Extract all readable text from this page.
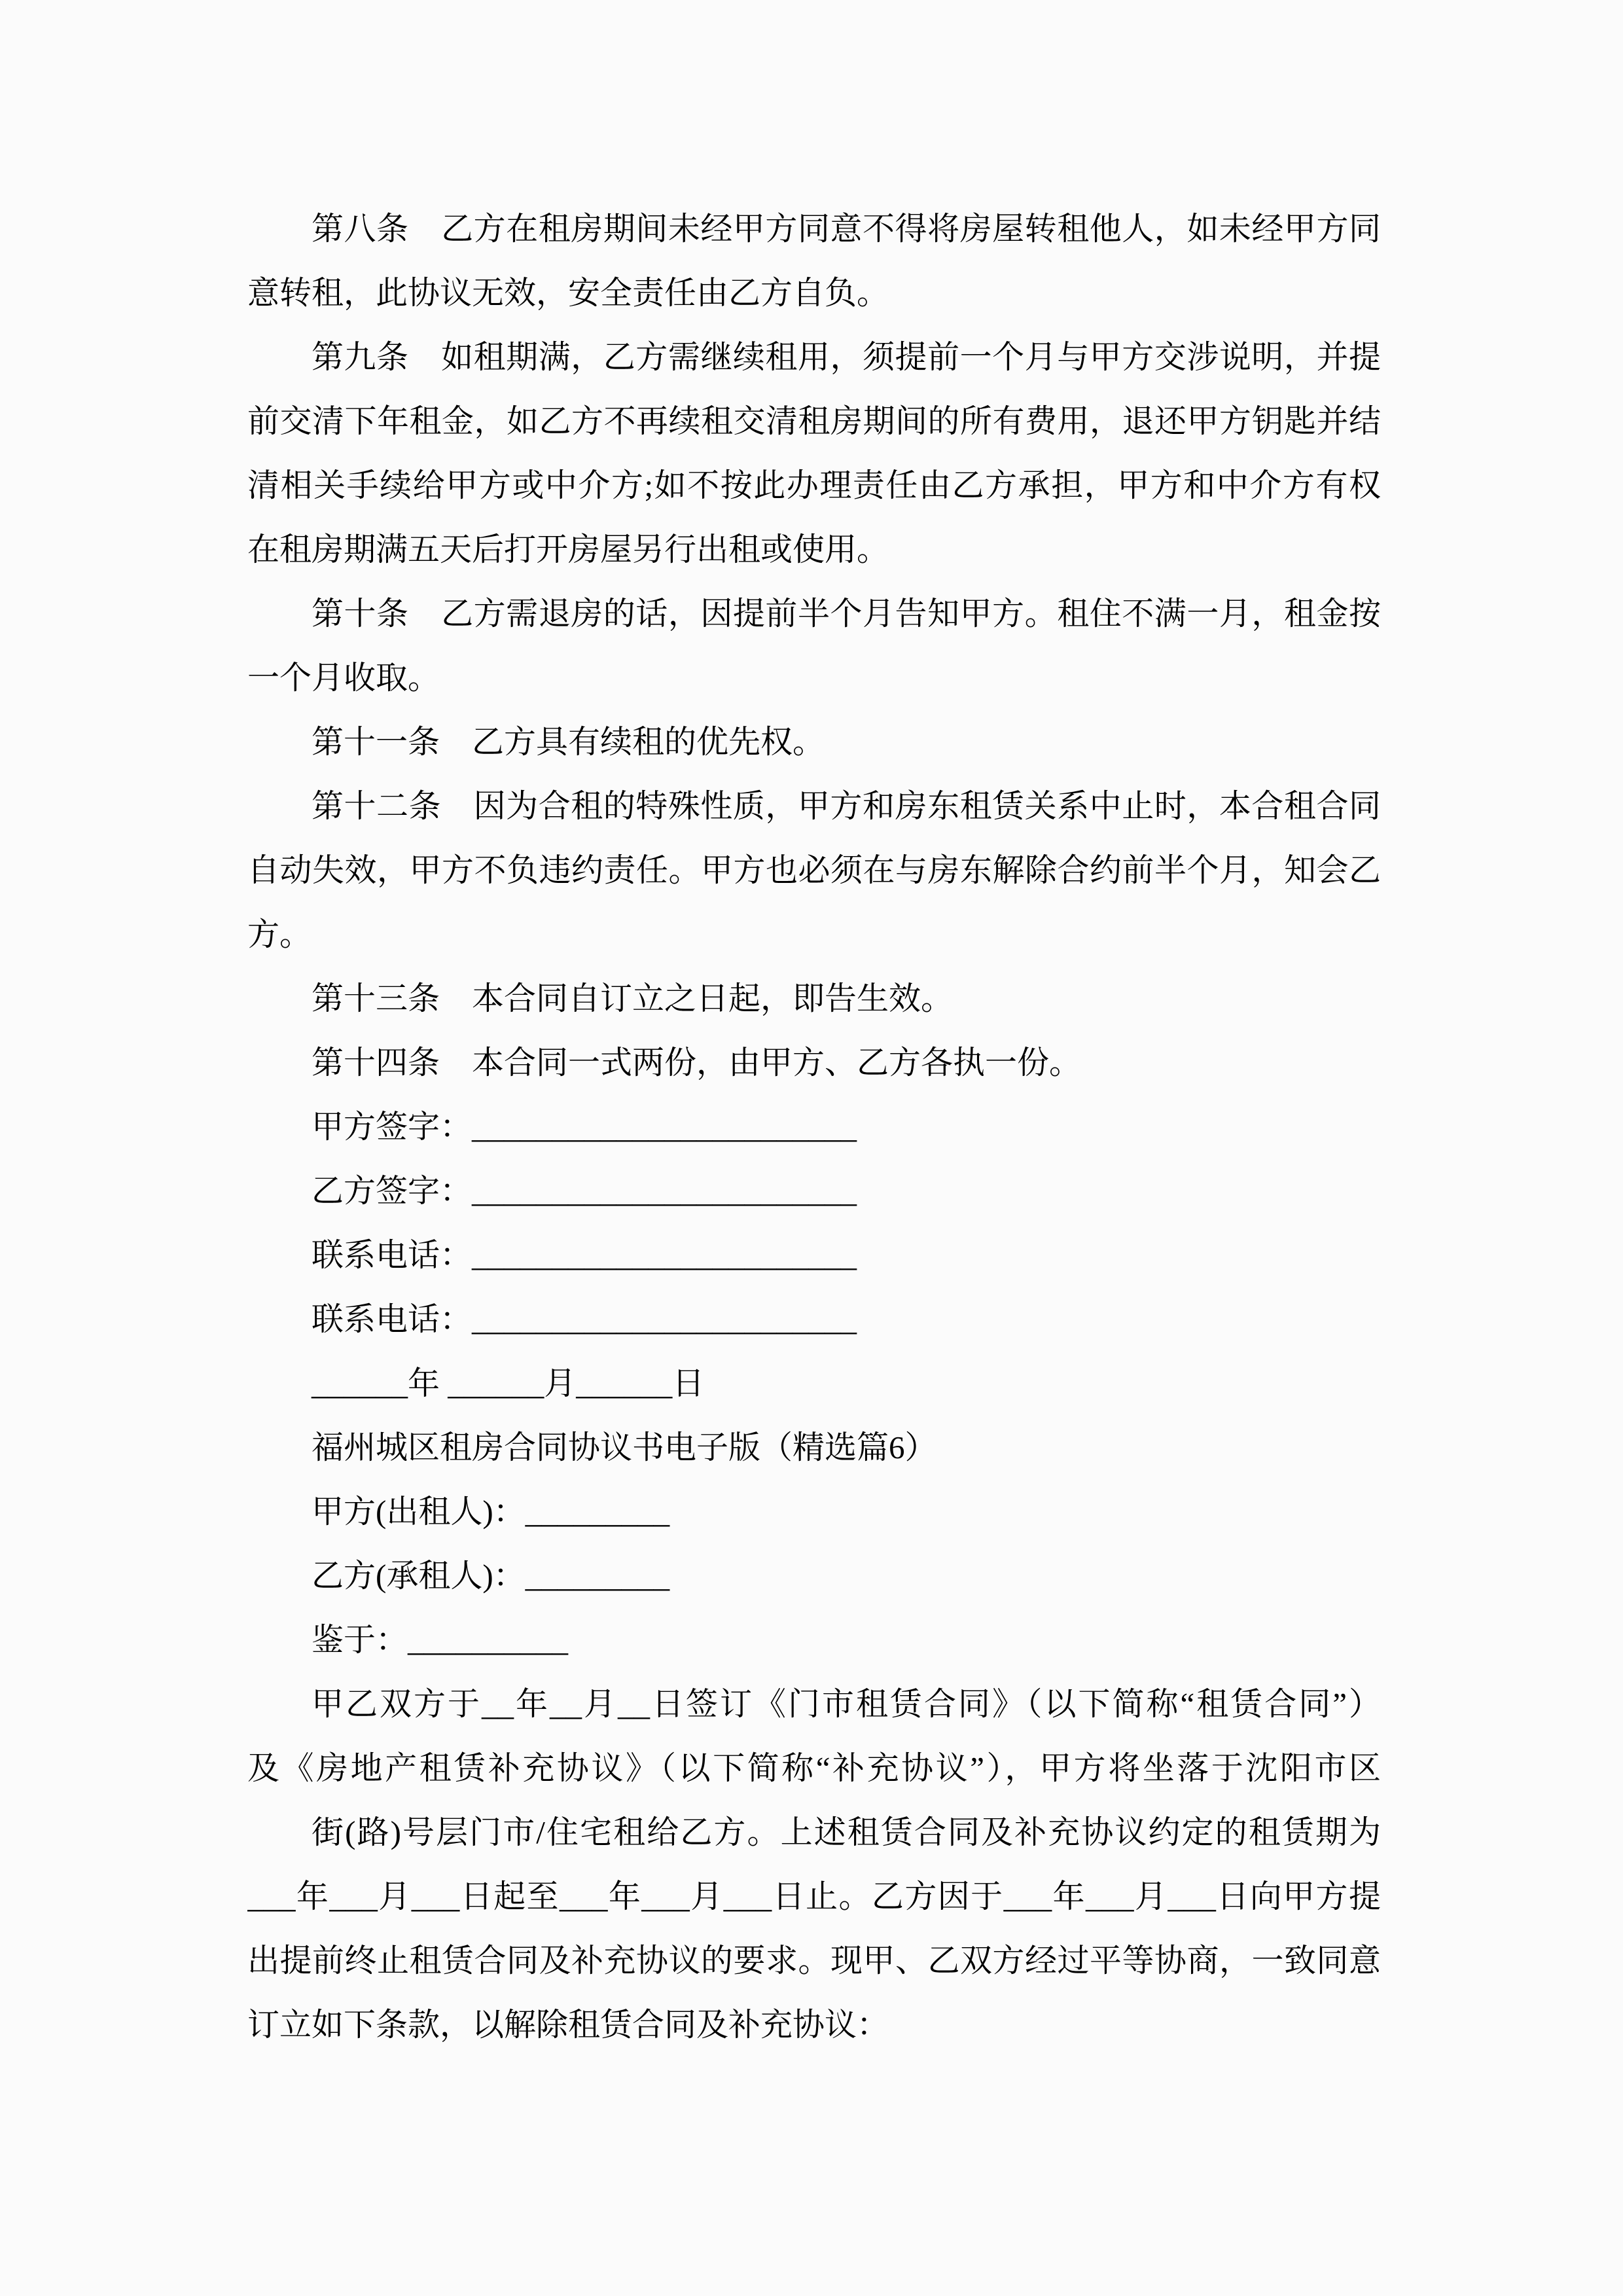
第八条　乙方在租房期间未经甲方同意不得将房屋转租他人，如未经甲方同
意转租，此协议无效，安全责任由乙方自负。
第九条　如租期满，乙方需继续租用，须提前一个月与甲方交涉说明，并提
前交清下年租金，如乙方不再续租交清租房期间的所有费用，退还甲方钥匙并结
清相关手续给甲方或中介方;如不按此办理责任由乙方承担，甲方和中介方有权
在租房期满五天后打开房屋另行出租或使用。
第十条　乙方需退房的话，因提前半个月告知甲方。租住不满一月，租金按
一个月收取。
第十一条　乙方具有续租的优先权。
第十二条　因为合租的特殊性质，甲方和房东租赁关系中止时，本合租合同
自动失效，甲方不负违约责任。甲方也必须在与房东解除合约前半个月，知会乙
方。
第十三条　本合同自订立之日起，即告生效。
第十四条　本合同一式两份，由甲方、乙方各执一份。
甲方签字：________________________
乙方签字：________________________
联系电话：________________________
联系电话：________________________
______年 ______月______日
福州城区租房合同协议书电子版（精选篇6）
甲方(出租人)：_________
乙方(承租人)：_________
鉴于：__________
甲乙双方于__年__月__日签订《门市租赁合同》（以下简称“租赁合同”）
及《房地产租赁补充协议》（以下简称“补充协议”），甲方将坐落于沈阳市区
街(路)号层门市/住宅租给乙方。上述租赁合同及补充协议约定的租赁期为
___年___月___日起至___年___月___日止。乙方因于___年___月___日向甲方提
出提前终止租赁合同及补充协议的要求。现甲、乙双方经过平等协商，一致同意
订立如下条款，以解除租赁合同及补充协议：
